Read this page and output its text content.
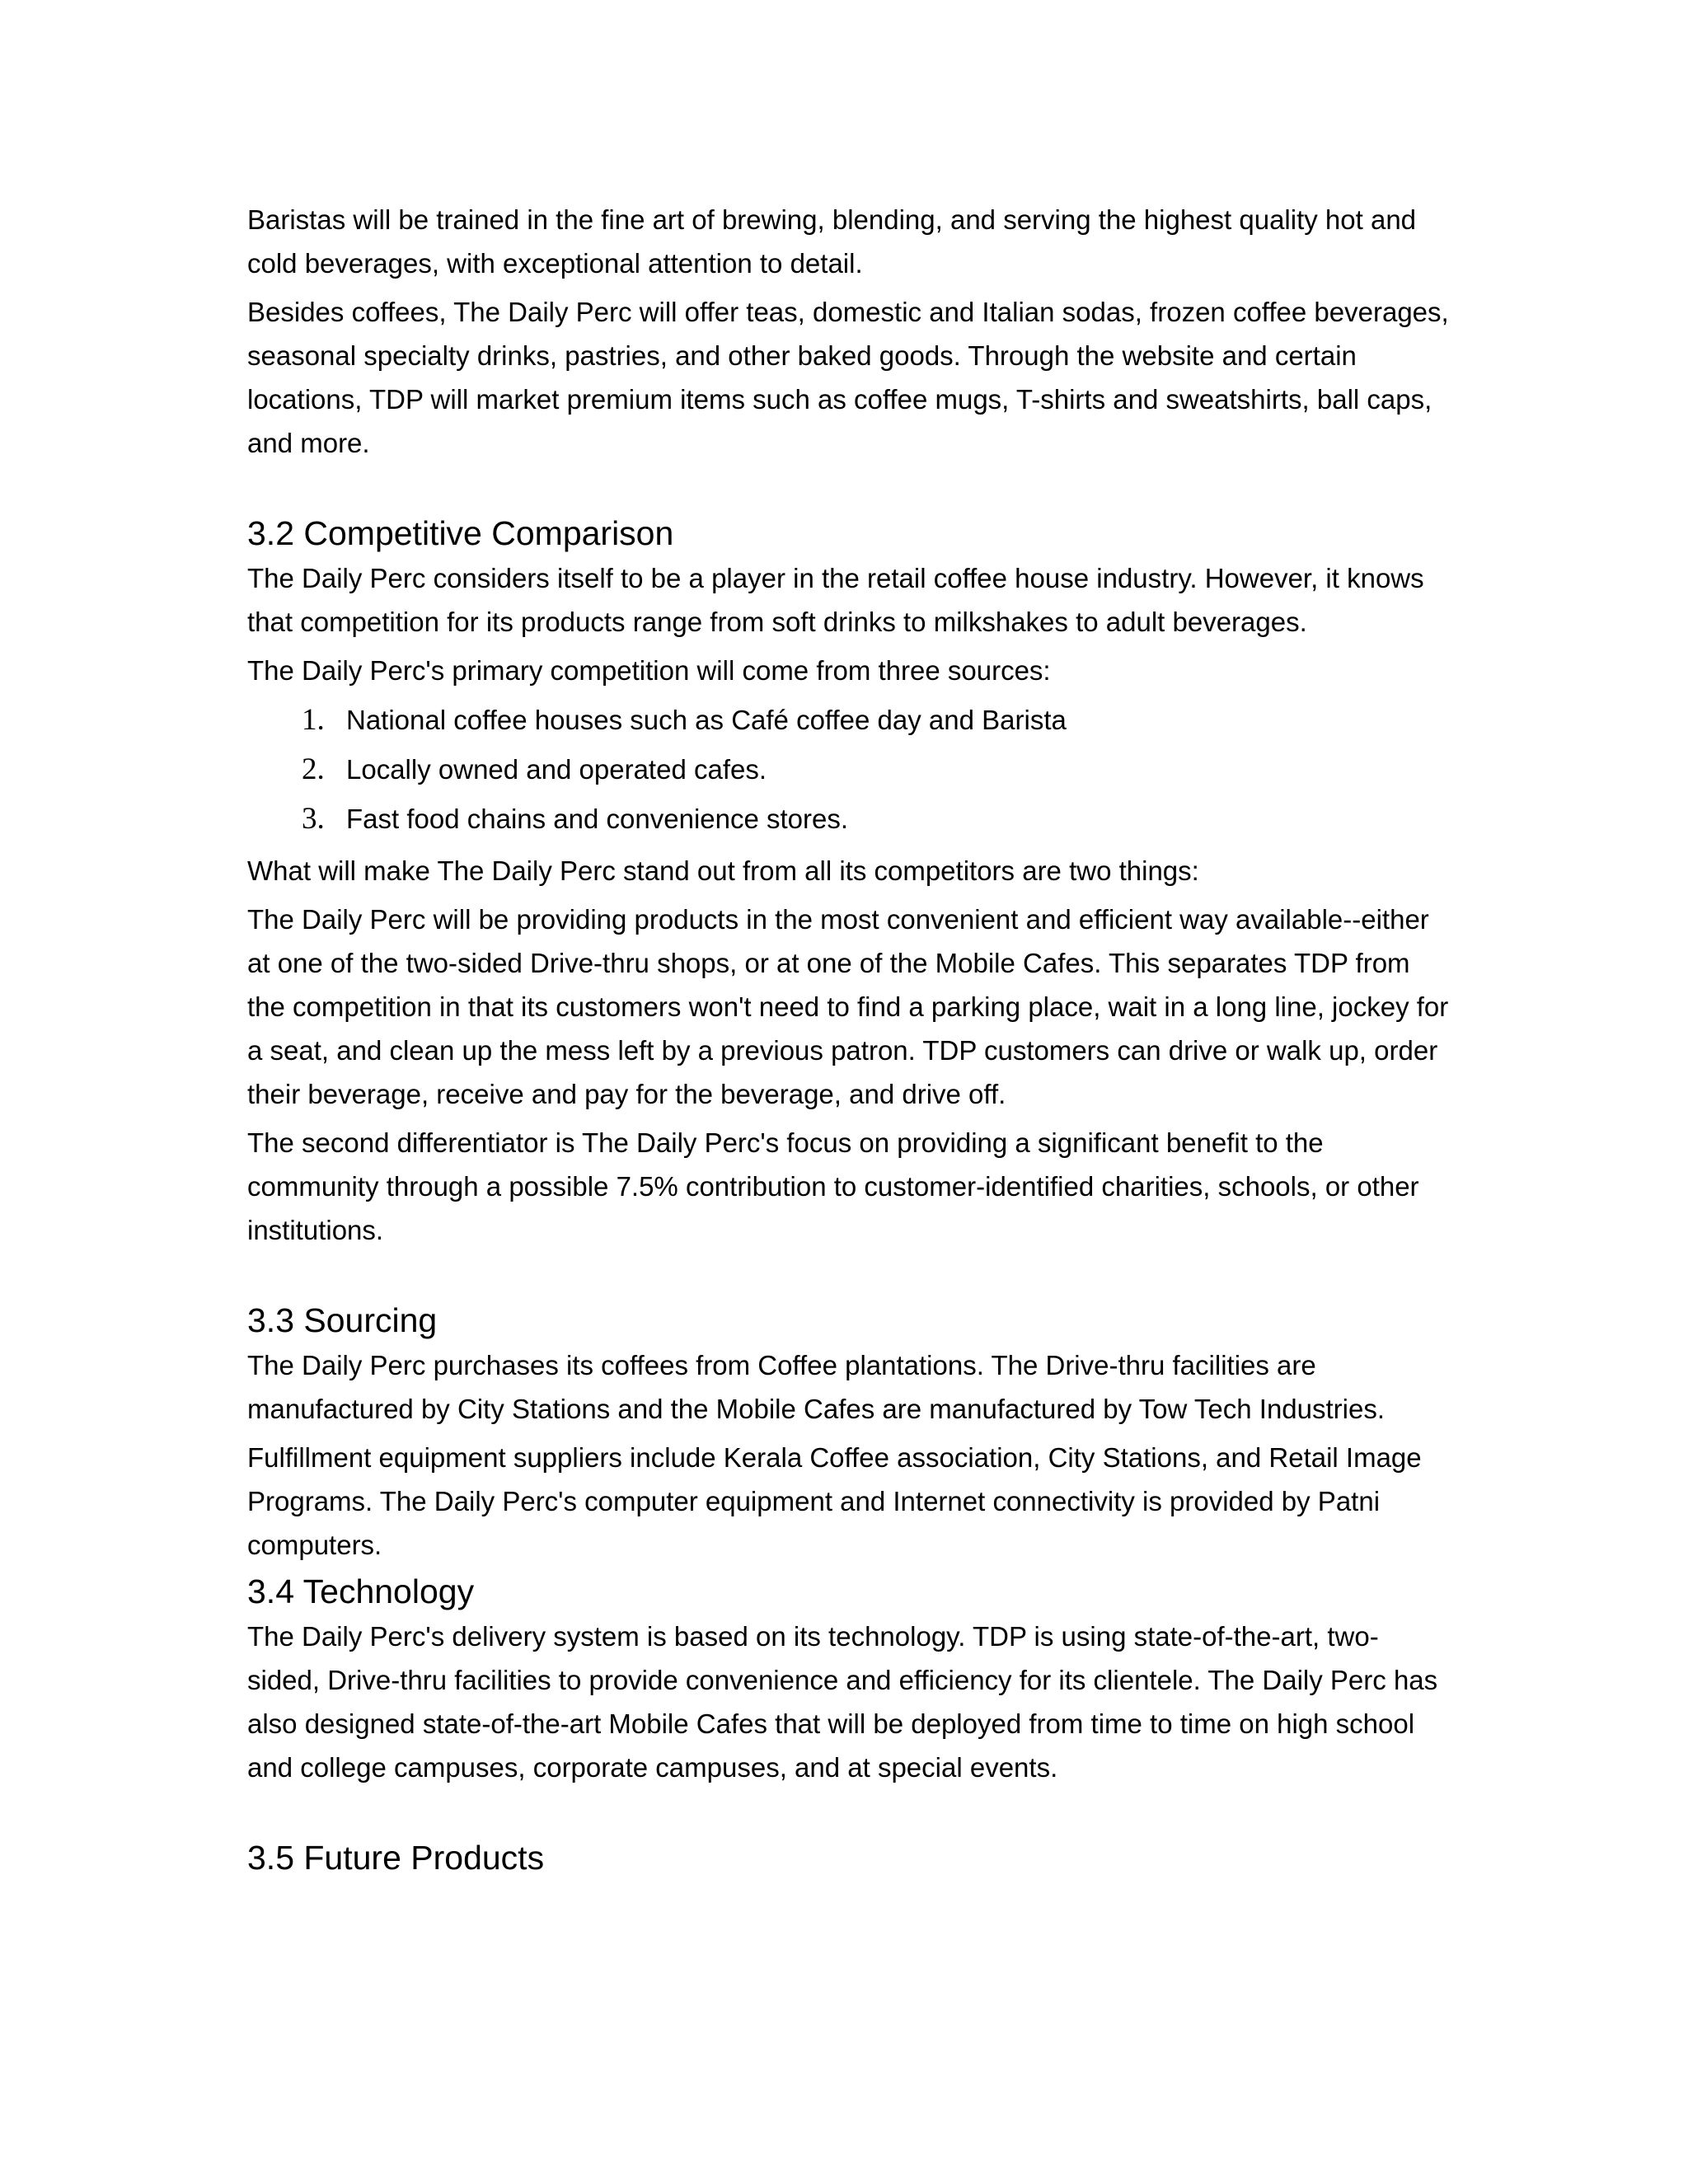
Baristas will be trained in the fine art of brewing, blending, and serving the highest quality hot and cold beverages, with exceptional attention to detail.

Besides coffees, The Daily Perc will offer teas, domestic and Italian sodas, frozen coffee beverages, seasonal specialty drinks, pastries, and other baked goods. Through the website and certain locations, TDP will market premium items such as coffee mugs, T-shirts and sweatshirts, ball caps, and more.

3.2 Competitive Comparison

The Daily Perc considers itself to be a player in the retail coffee house industry. However, it knows that competition for its products range from soft drinks to milkshakes to adult beverages.

The Daily Perc's primary competition will come from three sources:

1. National coffee houses such as Café coffee day and Barista
2. Locally owned and operated cafes.
3. Fast food chains and convenience stores.

What will make The Daily Perc stand out from all its competitors are two things:

The Daily Perc will be providing products in the most convenient and efficient way available--either at one of the two-sided Drive-thru shops, or at one of the Mobile Cafes. This separates TDP from the competition in that its customers won't need to find a parking place, wait in a long line, jockey for a seat, and clean up the mess left by a previous patron. TDP customers can drive or walk up, order their beverage, receive and pay for the beverage, and drive off.

The second differentiator is The Daily Perc's focus on providing a significant benefit to the community through a possible 7.5% contribution to customer-identified charities, schools, or other institutions.

3.3 Sourcing

The Daily Perc purchases its coffees from Coffee plantations. The Drive-thru facilities are manufactured by City Stations and the Mobile Cafes are manufactured by Tow Tech Industries.

Fulfillment equipment suppliers include Kerala Coffee association, City Stations, and Retail Image Programs. The Daily Perc's computer equipment and Internet connectivity is provided by Patni computers.

3.4 Technology

The Daily Perc's delivery system is based on its technology. TDP is using state-of-the-art, two-sided, Drive-thru facilities to provide convenience and efficiency for its clientele. The Daily Perc has also designed state-of-the-art Mobile Cafes that will be deployed from time to time on high school and college campuses, corporate campuses, and at special events.

3.5 Future Products
